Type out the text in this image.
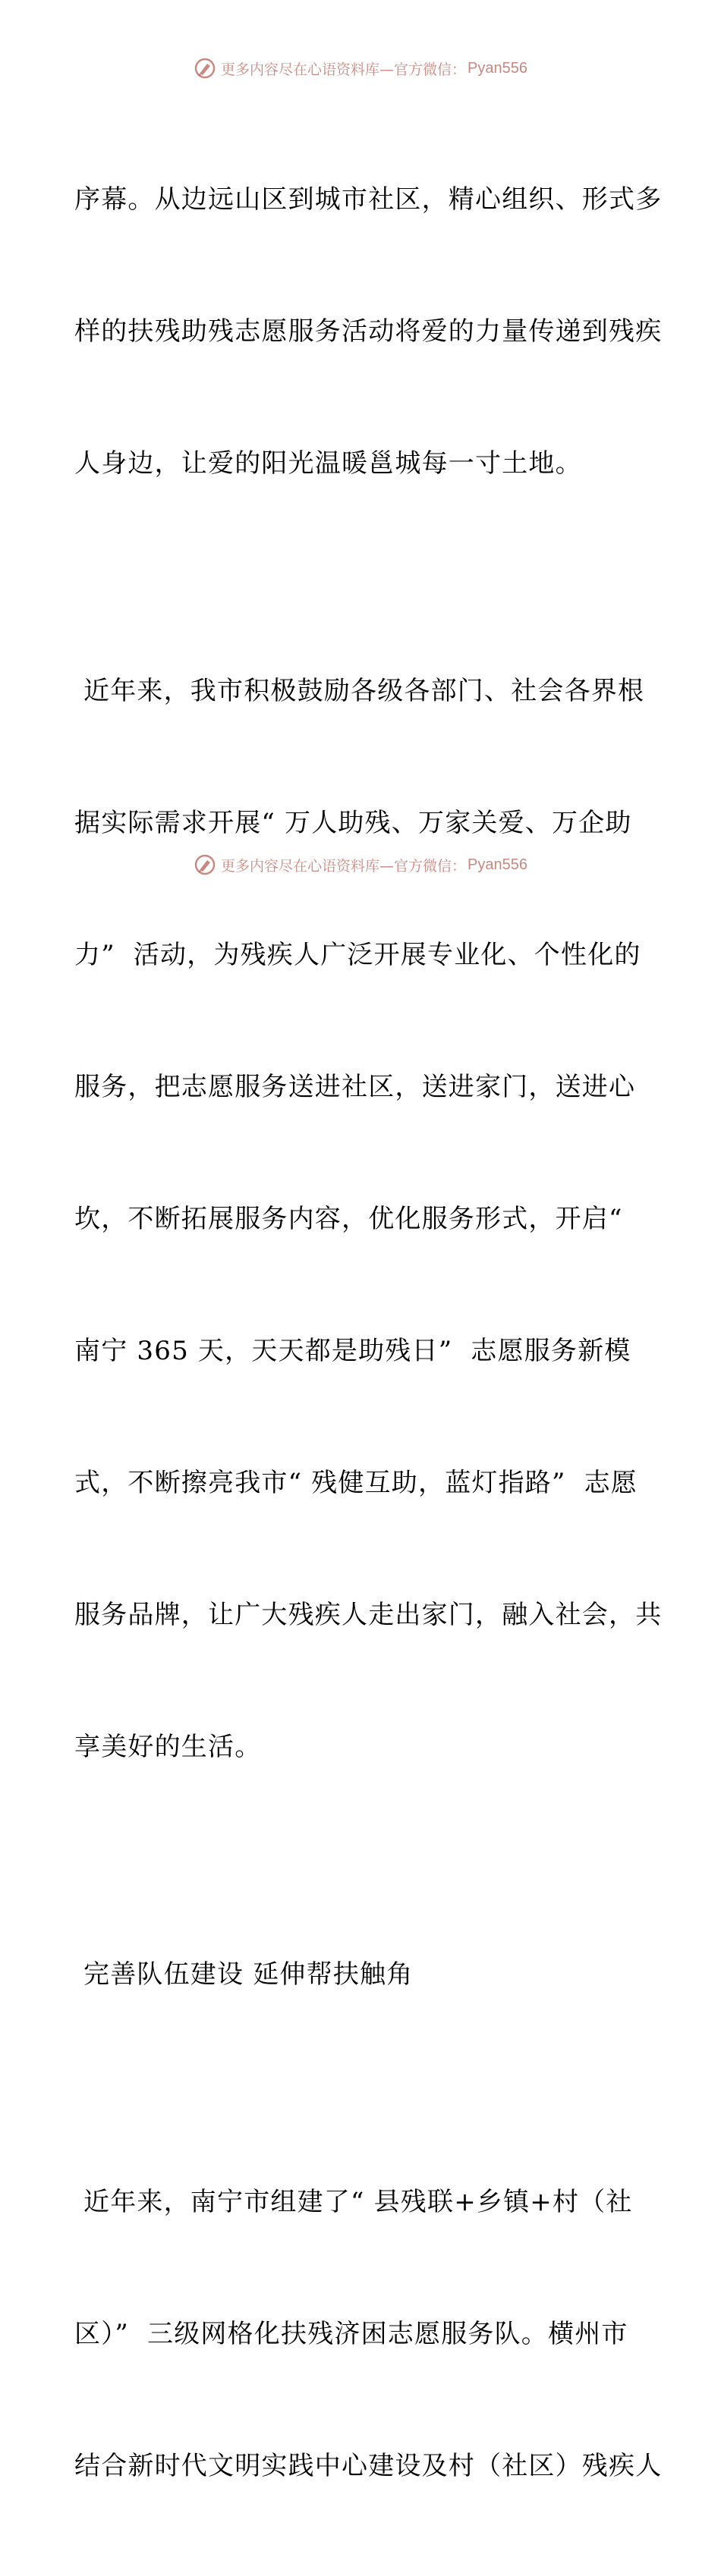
更多内容尽在心语资料库—官方微信： Pyan556

序幕。从边远山区到城市社区，精心组织、形式多

样的扶残助残志愿服务活动将爱的力量传递到残疾

人身边，让爱的阳光温暖邕城每一寸土地。

近年来，我市积极鼓励各级各部门、社会各界根

据实际需求开展“ 万人助残、万家关爱、万企助

力”  活动，为残疾人广泛开展专业化、个性化的

服务，把志愿服务送进社区，送进家门，送进心

坎，不断拓展服务内容，优化服务形式，开启“

南宁 365 天，天天都是助残日”  志愿服务新模

式，不断擦亮我市“ 残健互助，蓝灯指路”  志愿

服务品牌，让广大残疾人走出家门，融入社会，共

享美好的生活。

完善队伍建设 延伸帮扶触角

近年来，南宁市组建了“ 县残联+乡镇+村（社

区）”  三级网格化扶残济困志愿服务队。横州市

结合新时代文明实践中心建设及村（社区）残疾人

更多内容尽在心语资料库—官方微信： Pyan556
